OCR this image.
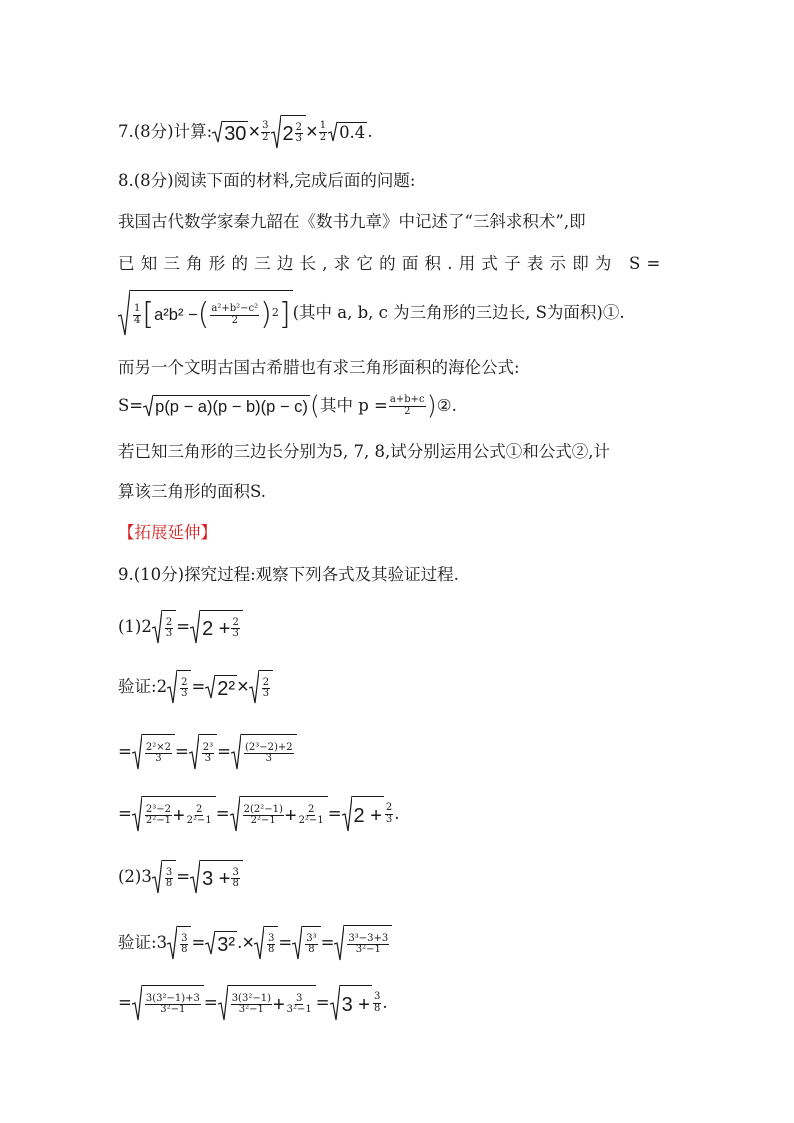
7.(8分)计算: $30 \times \frac{3}{2} 2 \frac{2}{3} \times \frac{1}{2} 0.4$ .
8.(8分)阅读下面的材料,完成后面的问题:
我国古代数学家秦九韶在《数书九章》中记述了“三斜求积术”,即
已知三角形的三边长,求它的面积.用式子表示即为 S=
$\frac{1}{4}$ [ a²b² − ( $\frac{\text{a²+b²−c²}}{2}$ ) 2 ] (其中 a, b, c 为三角形的三边长, S为面积)①.
而另一个文明古国古希腊也有求三角形面积的海伦公式:
S= p(p − a)(p − b)(p − c) (其中 $p = \frac{a+b+c}{2}$ )②.
若已知三角形的三边长分别为5, 7, 8,试分别运用公式①和公式②,计
算该三角形的面积S.
【拓展延伸】
9.(10分)探究过程:观察下列各式及其验证过程.
$(1)2 \frac{2}{3} = 2 + \frac{2}{3}$
验证:2 $\frac{2}{3} = 2^2 \times \frac{2}{3}$
= $\frac{\text{2²×2}}{3} = \frac{\text{2³}}{3} = \frac{\text{(2³−2)+2}}{3}$
= $\frac{\text{2³−2}}{\text{2²−1}} + \frac{2}{\text{2²−1}} = \frac{\text{2(2²−1)}}{\text{2²−1}} + \frac{2}{\text{2²−1}} = 2 + \frac{2}{3}$ .
$(2)3 \frac{3}{8} = 3 + \frac{3}{8}$
验证:3 $\frac{3}{8} = 3^2$ .× $\frac{3}{8} = \frac{\text{3³}}{8} = \frac{\text{3³−3+3}}{\text{3²−1}}$
= $\frac{\text{3(3²−1)+3}}{\text{3²−1}} = \frac{\text{3(3²−1)}}{\text{3²−1}} + \frac{3}{\text{3²−1}} = 3 + \frac{3}{8}$ .
